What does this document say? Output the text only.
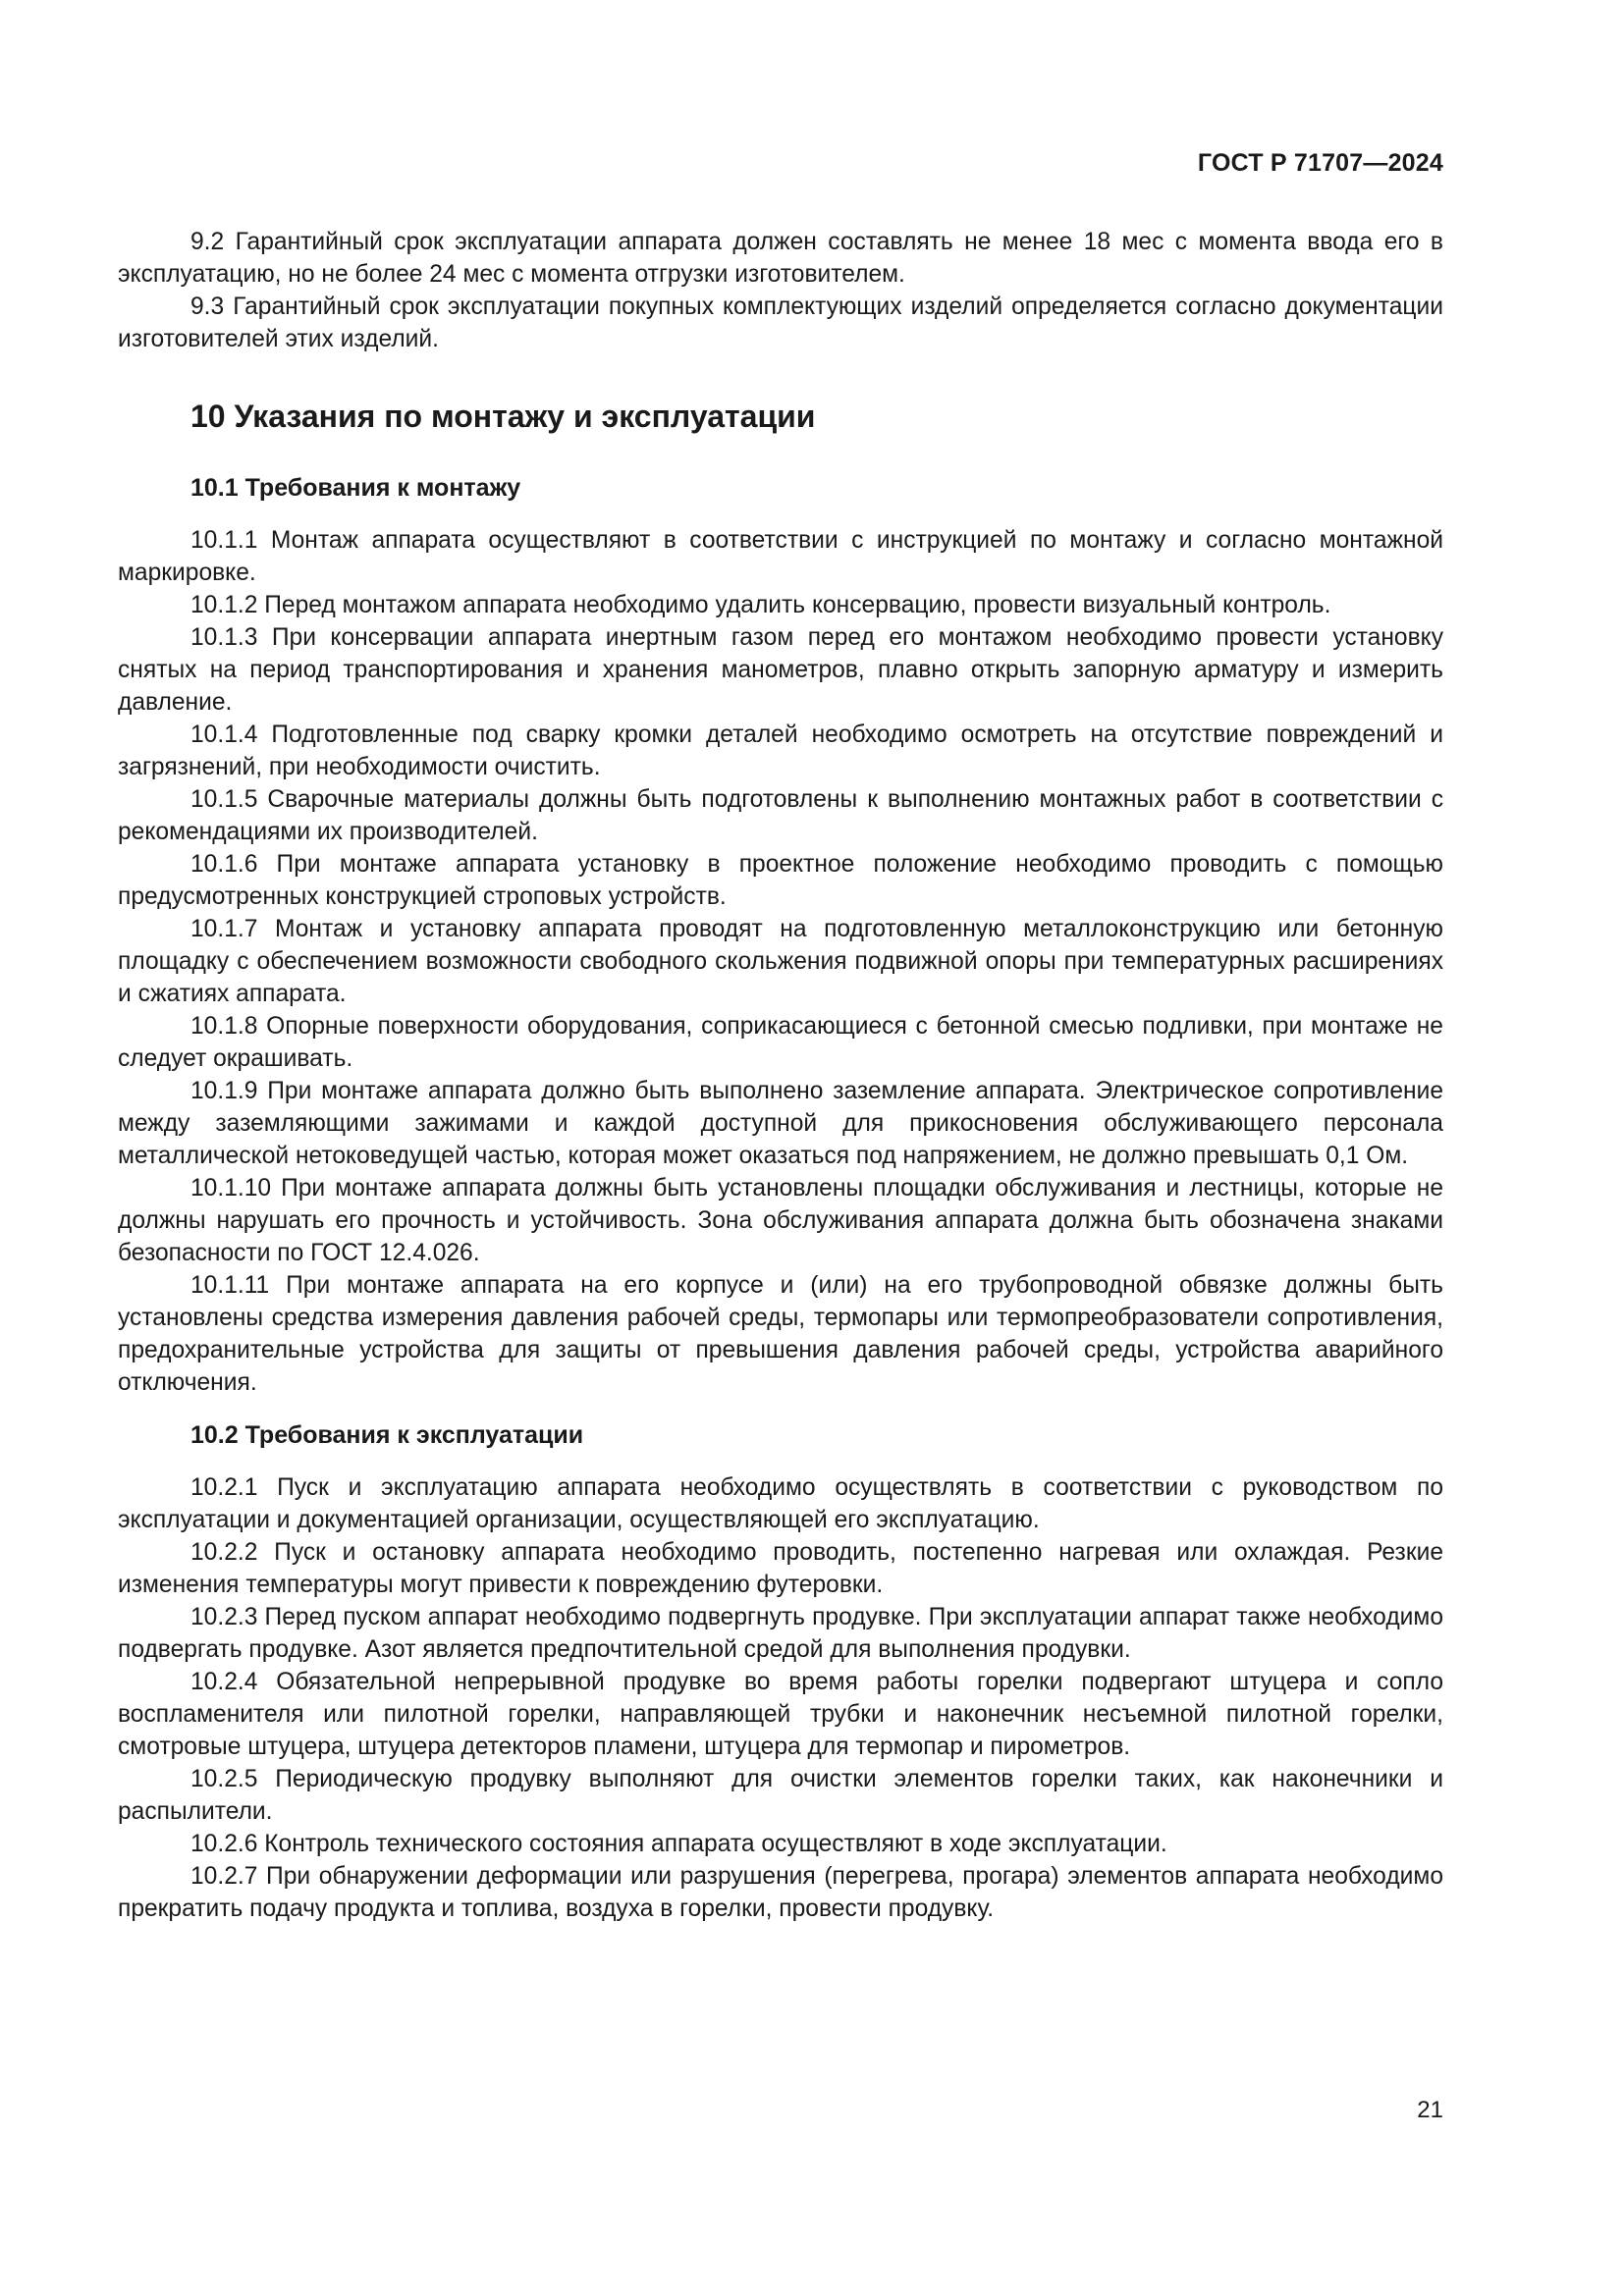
ГОСТ Р 71707—2024

9.2 Гарантийный срок эксплуатации аппарата должен составлять не менее 18 мес с момента ввода его в эксплуатацию, но не более 24 мес с момента отгрузки изготовителем.

9.3 Гарантийный срок эксплуатации покупных комплектующих изделий определяется согласно документации изготовителей этих изделий.

10 Указания по монтажу и эксплуатации
10.1 Требования к монтажу

10.1.1 Монтаж аппарата осуществляют в соответствии с инструкцией по монтажу и согласно монтажной маркировке.

10.1.2 Перед монтажом аппарата необходимо удалить консервацию, провести визуальный контроль.

10.1.3 При консервации аппарата инертным газом перед его монтажом необходимо провести установку снятых на период транспортирования и хранения манометров, плавно открыть запорную арматуру и измерить давление.

10.1.4 Подготовленные под сварку кромки деталей необходимо осмотреть на отсутствие повреждений и загрязнений, при необходимости очистить.

10.1.5 Сварочные материалы должны быть подготовлены к выполнению монтажных работ в соответствии с рекомендациями их производителей.

10.1.6 При монтаже аппарата установку в проектное положение необходимо проводить с помощью предусмотренных конструкцией строповых устройств.

10.1.7 Монтаж и установку аппарата проводят на подготовленную металлоконструкцию или бетонную площадку с обеспечением возможности свободного скольжения подвижной опоры при температурных расширениях и сжатиях аппарата.

10.1.8 Опорные поверхности оборудования, соприкасающиеся с бетонной смесью подливки, при монтаже не следует окрашивать.

10.1.9 При монтаже аппарата должно быть выполнено заземление аппарата. Электрическое сопротивление между заземляющими зажимами и каждой доступной для прикосновения обслуживающего персонала металлической нетоковедущей частью, которая может оказаться под напряжением, не должно превышать 0,1 Ом.

10.1.10 При монтаже аппарата должны быть установлены площадки обслуживания и лестницы, которые не должны нарушать его прочность и устойчивость. Зона обслуживания аппарата должна быть обозначена знаками безопасности по ГОСТ 12.4.026.

10.1.11 При монтаже аппарата на его корпусе и (или) на его трубопроводной обвязке должны быть установлены средства измерения давления рабочей среды, термопары или термопреобразователи сопротивления, предохранительные устройства для защиты от превышения давления рабочей среды, устройства аварийного отключения.

10.2 Требования к эксплуатации

10.2.1 Пуск и эксплуатацию аппарата необходимо осуществлять в соответствии с руководством по эксплуатации и документацией организации, осуществляющей его эксплуатацию.

10.2.2 Пуск и остановку аппарата необходимо проводить, постепенно нагревая или охлаждая. Резкие изменения температуры могут привести к повреждению футеровки.

10.2.3 Перед пуском аппарат необходимо подвергнуть продувке. При эксплуатации аппарат также необходимо подвергать продувке. Азот является предпочтительной средой для выполнения продувки.

10.2.4 Обязательной непрерывной продувке во время работы горелки подвергают штуцера и сопло воспламенителя или пилотной горелки, направляющей трубки и наконечник несъемной пилотной горелки, смотровые штуцера, штуцера детекторов пламени, штуцера для термопар и пирометров.

10.2.5 Периодическую продувку выполняют для очистки элементов горелки таких, как наконечники и распылители.

10.2.6 Контроль технического состояния аппарата осуществляют в ходе эксплуатации.

10.2.7 При обнаружении деформации или разрушения (перегрева, прогара) элементов аппарата необходимо прекратить подачу продукта и топлива, воздуха в горелки, провести продувку.

21
